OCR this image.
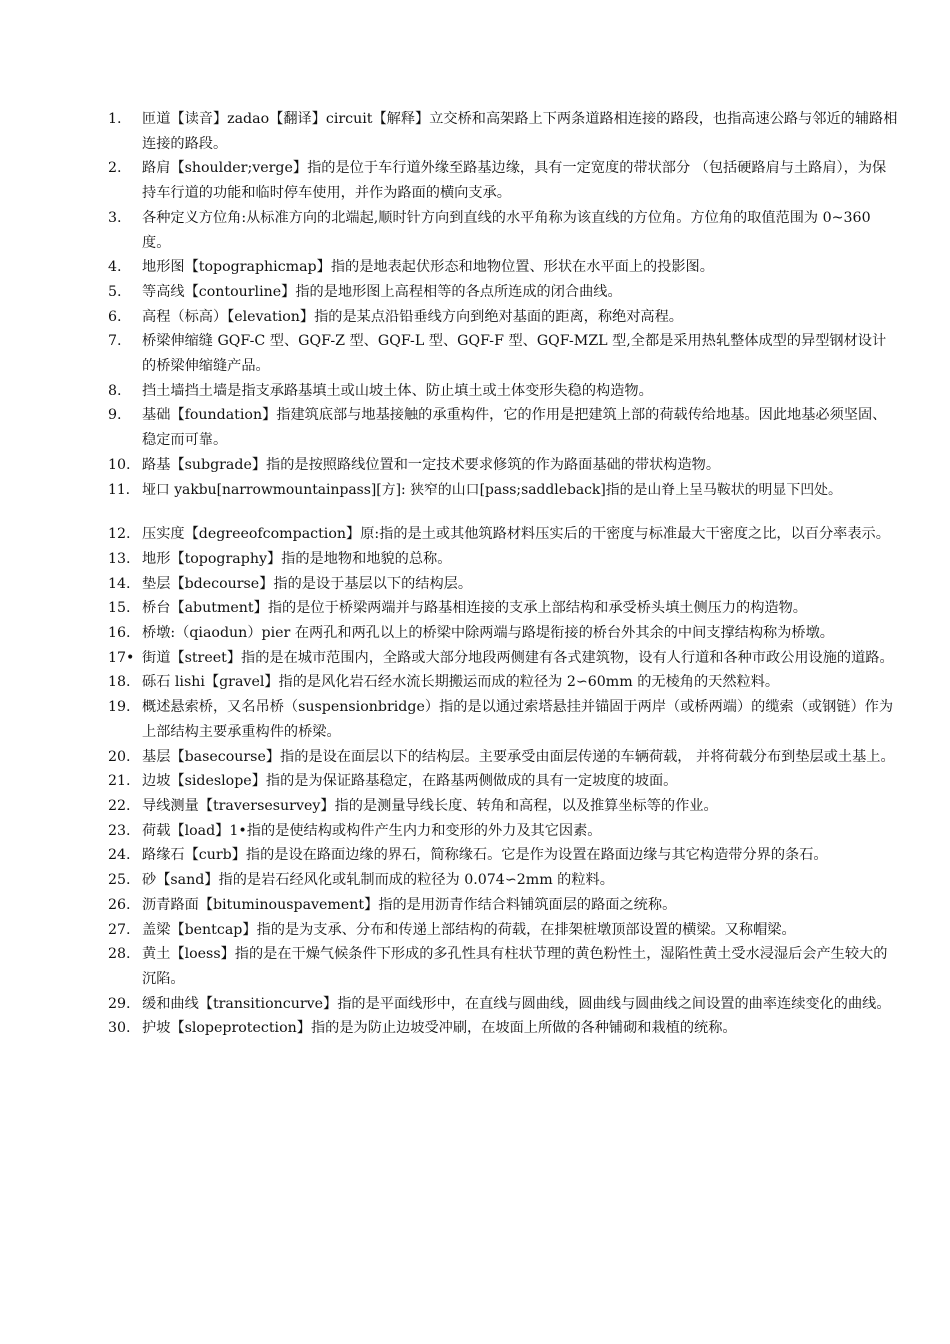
1.	匝道【读音】zadao【翻译】circuit【解释】立交桥和高架路上下两条道路相连接的路段，也指高速公路与邻近的辅路相连接的路段。
2.	路肩【shoulder;verge】指的是位于车行道外缘至路基边缘，具有一定宽度的带状部分 （包括硬路肩与土路肩），为保持车行道的功能和临时停车使用，并作为路面的横向支承。
3.	各种定义方位角:从标准方向的北端起,顺时针方向到直线的水平角称为该直线的方位角。方位角的取值范围为 0~360 度。
4.	地形图【topographicmap】指的是地表起伏形态和地物位置、形状在水平面上的投影图。
5.	等高线【contourline】指的是地形图上高程相等的各点所连成的闭合曲线。
6.	高程（标高）【elevation】指的是某点沿铅垂线方向到绝对基面的距离，称绝对高程。
7.	桥梁伸缩缝 GQF-C 型、GQF-Z 型、GQF-L 型、GQF-F 型、GQF-MZL 型,全都是采用热轧整体成型的异型钢材设计的桥梁伸缩缝产品。
8.	挡土墙挡土墙是指支承路基填土或山坡土体、防止填土或土体变形失稳的构造物。
9.	基础【foundation】指建筑底部与地基接触的承重构件，它的作用是把建筑上部的荷载传给地基。因此地基必须坚固、稳定而可靠。
10. 路基【subgrade】指的是按照路线位置和一定技术要求修筑的作为路面基础的带状构造物。
11. 垭口 yakbu[narrowmountainpass][方]: 狭窄的山口[pass;saddleback]指的是山脊上呈马鞍状的明显下凹处。
12. 压实度【degreeofcompaction】原:指的是土或其他筑路材料压实后的干密度与标准最大干密度之比，以百分率表示。
13. 地形【topography】指的是地物和地貌的总称。
14. 垫层【bdecourse】指的是设于基层以下的结构层。
15. 桥台【abutment】指的是位于桥梁两端并与路基相连接的支承上部结构和承受桥头填土侧压力的构造物。
16. 桥墩:（qiaodun）pier 在两孔和两孔以上的桥梁中除两端与路堤衔接的桥台外其余的中间支撑结构称为桥墩。
17• 街道【street】指的是在城市范围内，全路或大部分地段两侧建有各式建筑物，设有人行道和各种市政公用设施的道路。
18. 砾石 lishi【gravel】指的是风化岩石经水流长期搬运而成的粒径为 2∽60mm 的无棱角的天然粒料。
19. 概述悬索桥，又名吊桥（suspensionbridge）指的是以通过索塔悬挂并锚固于两岸（或桥两端）的缆索（或钢链）作为上部结构主要承重构件的桥梁。
20. 基层【basecourse】指的是设在面层以下的结构层。主要承受由面层传递的车辆荷载， 并将荷载分布到垫层或土基上。
21. 边坡【sideslope】指的是为保证路基稳定，在路基两侧做成的具有一定坡度的坡面。
22. 导线测量【traversesurvey】指的是测量导线长度、转角和高程，以及推算坐标等的作业。
23. 荷载【load】1•指的是使结构或构件产生内力和变形的外力及其它因素。
24. 路缘石【curb】指的是设在路面边缘的界石，简称缘石。它是作为设置在路面边缘与其它构造带分界的条石。
25. 砂【sand】指的是岩石经风化或轧制而成的粒径为 0.074∽2mm 的粒料。
26. 沥青路面【bituminouspavement】指的是用沥青作结合料铺筑面层的路面之统称。
27. 盖梁【bentcap】指的是为支承、分布和传递上部结构的荷载，在排架桩墩顶部设置的横梁。又称帽梁。
28. 黄土【loess】指的是在干燥气候条件下形成的多孔性具有柱状节理的黄色粉性土，湿陷性黄土受水浸湿后会产生较大的沉陷。
29. 缓和曲线【transitioncurve】指的是平面线形中，在直线与圆曲线，圆曲线与圆曲线之间设置的曲率连续变化的曲线。
30. 护坡【slopeprotection】指的是为防止边坡受冲刷，在坡面上所做的各种铺砌和栽植的统称。
